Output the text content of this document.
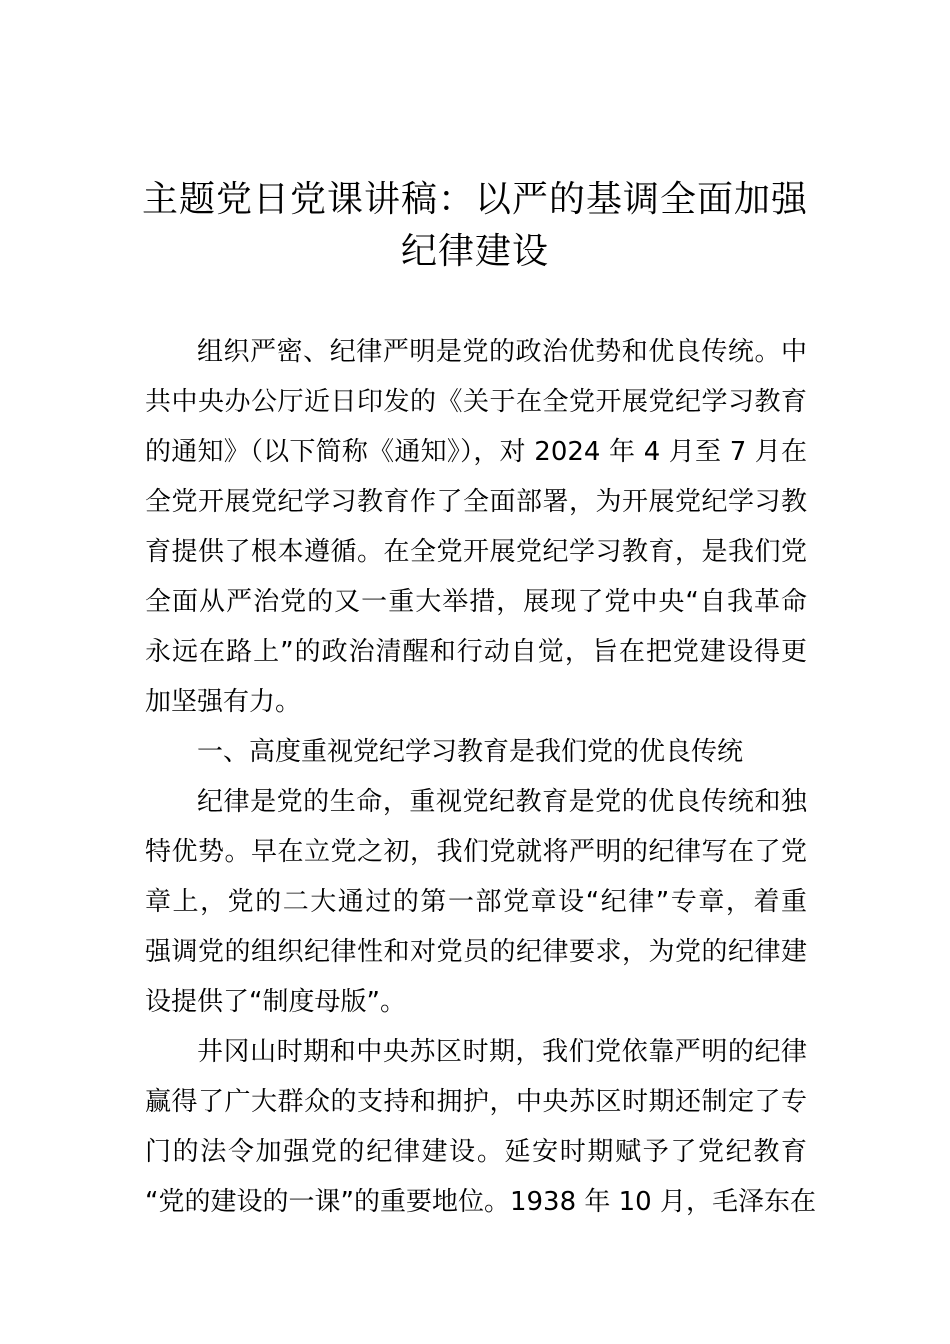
主题党日党课讲稿：以严的基调全面加强
纪律建设
组织严密、纪律严明是党的政治优势和优良传统。中
共中央办公厅近日印发的《关于在全党开展党纪学习教育
的通知》（以下简称《通知》），对 2024 年 4 月至 7 月在
全党开展党纪学习教育作了全面部署，为开展党纪学习教
育提供了根本遵循。在全党开展党纪学习教育，是我们党
全面从严治党的又一重大举措，展现了党中央“自我革命
永远在路上”的政治清醒和行动自觉，旨在把党建设得更
加坚强有力。
一、高度重视党纪学习教育是我们党的优良传统
纪律是党的生命，重视党纪教育是党的优良传统和独
特优势。早在立党之初，我们党就将严明的纪律写在了党
章上，党的二大通过的第一部党章设“纪律”专章，着重
强调党的组织纪律性和对党员的纪律要求，为党的纪律建
设提供了“制度母版”。
井冈山时期和中央苏区时期，我们党依靠严明的纪律
赢得了广大群众的支持和拥护，中央苏区时期还制定了专
门的法令加强党的纪律建设。延安时期赋予了党纪教育
“党的建设的一课”的重要地位。1938 年 10 月，毛泽东在
